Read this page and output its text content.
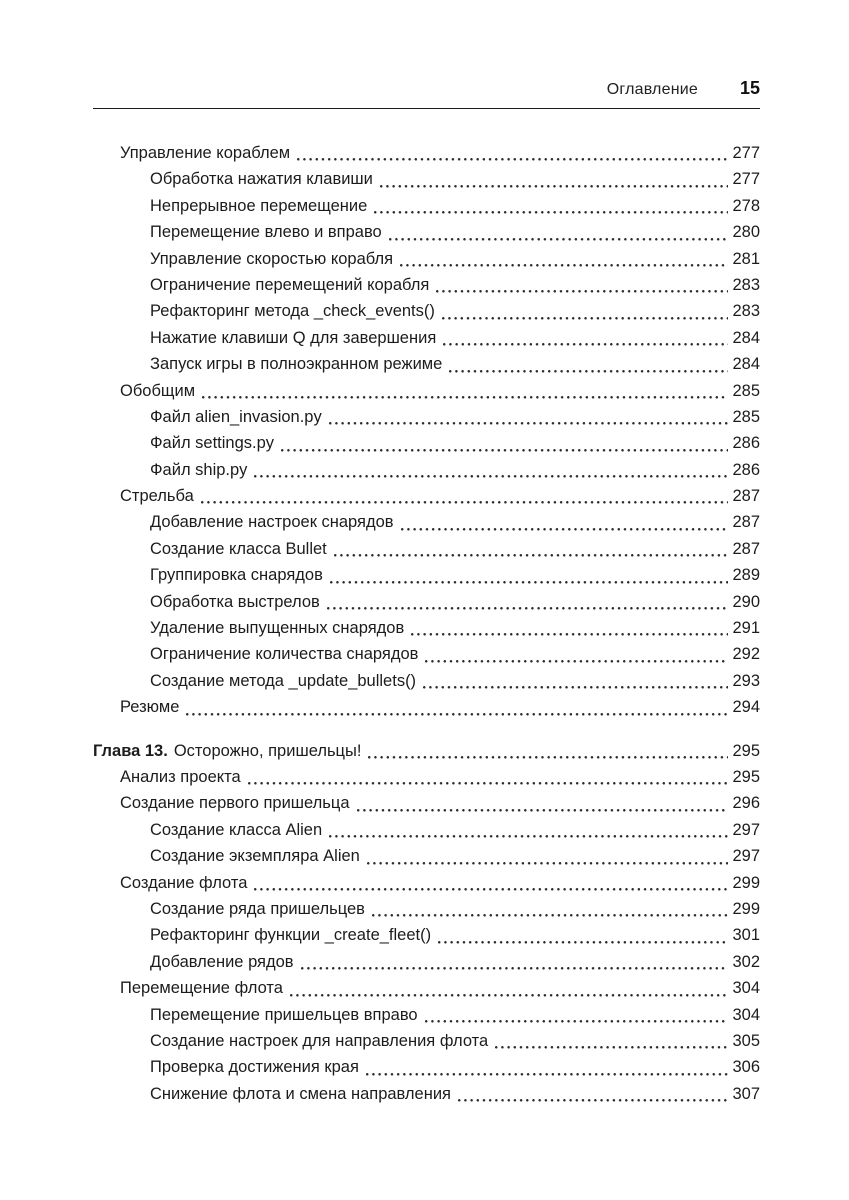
Оглавление 15
Управление кораблем	277
Обработка нажатия клавиши	277
Непрерывное перемещение	278
Перемещение влево и вправо	280
Управление скоростью корабля	281
Ограничение перемещений корабля	283
Рефакторинг метода _check_events()	283
Нажатие клавиши Q для завершения	284
Запуск игры в полноэкранном режиме	284
Обобщим	285
Файл alien_invasion.py	285
Файл settings.py	286
Файл ship.py	286
Стрельба	287
Добавление настроек снарядов	287
Создание класса Bullet	287
Группировка снарядов	289
Обработка выстрелов	290
Удаление выпущенных снарядов	291
Ограничение количества снарядов	292
Создание метода _update_bullets()	293
Резюме	294
Глава 13. Осторожно, пришельцы!	295
Анализ проекта	295
Создание первого пришельца	296
Создание класса Alien	297
Создание экземпляра Alien	297
Создание флота	299
Создание ряда пришельцев	299
Рефакторинг функции _create_fleet()	301
Добавление рядов	302
Перемещение флота	304
Перемещение пришельцев вправо	304
Создание настроек для направления флота	305
Проверка достижения края	306
Снижение флота и смена направления	307
